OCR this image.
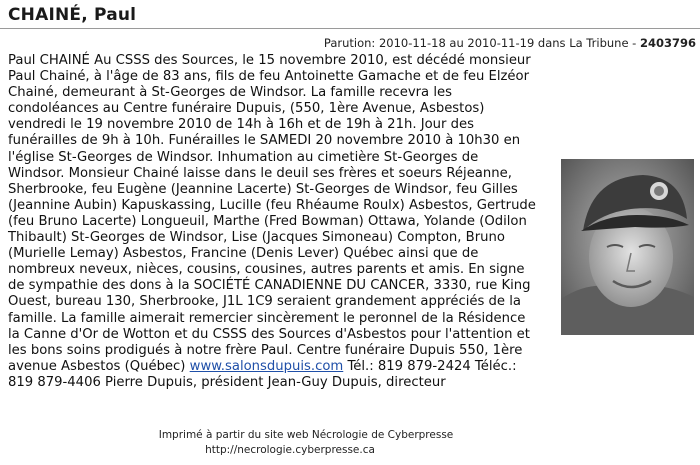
CHAINÉ, Paul
Parution: 2010-11-18 au 2010-11-19 dans La Tribune - 2403796

Paul CHAINÉ Au CSSS des Sources, le 15 novembre 2010, est décédé monsieur Paul Chainé, à l'âge de 83 ans, fils de feu Antoinette Gamache et de feu Elzéor Chainé, demeurant à St-Georges de Windsor. La famille recevra les condoléances au Centre funéraire Dupuis, (550, 1ère Avenue, Asbestos) vendredi le 19 novembre 2010 de 14h à 16h et de 19h à 21h. Jour des funérailles de 9h à 10h. Funérailles le SAMEDI 20 novembre 2010 à 10h30 en l'église St-Georges de Windsor. Inhumation au cimetière St-Georges de Windsor. Monsieur Chainé laisse dans le deuil ses frères et soeurs Réjeanne, Sherbrooke, feu Eugène (Jeannine Lacerte) St-Georges de Windsor, feu Gilles (Jeannine Aubin) Kapuskassing, Lucille (feu Rhéaume Roulx) Asbestos, Gertrude (feu Bruno Lacerte) Longueuil, Marthe (Fred Bowman) Ottawa, Yolande (Odilon Thibault) St-Georges de Windsor, Lise (Jacques Simoneau) Compton, Bruno (Murielle Lemay) Asbestos, Francine (Denis Lever) Québec ainsi que de nombreux neveux, nièces, cousins, cousines, autres parents et amis. En signe de sympathie des dons à la SOCIÉTÉ CANADIENNE DU CANCER, 3330, rue King Ouest, bureau 130, Sherbrooke, J1L 1C9 seraient grandement appréciés de la famille. La famille aimerait remercier sincèrement le peronnel de la Résidence la Canne d'Or de Wotton et du CSSS des Sources d'Asbestos pour l'attention et les bons soins prodigués à notre frère Paul. Centre funéraire Dupuis 550, 1ère avenue Asbestos (Québec) www.salonsdupuis.com Tél.: 819 879-2424 Téléc.: 819 879-4406 Pierre Dupuis, président Jean-Guy Dupuis, directeur

Imprimé à partir du site web Nécrologie de Cyberpresse
http://necrologie.cyberpresse.ca
